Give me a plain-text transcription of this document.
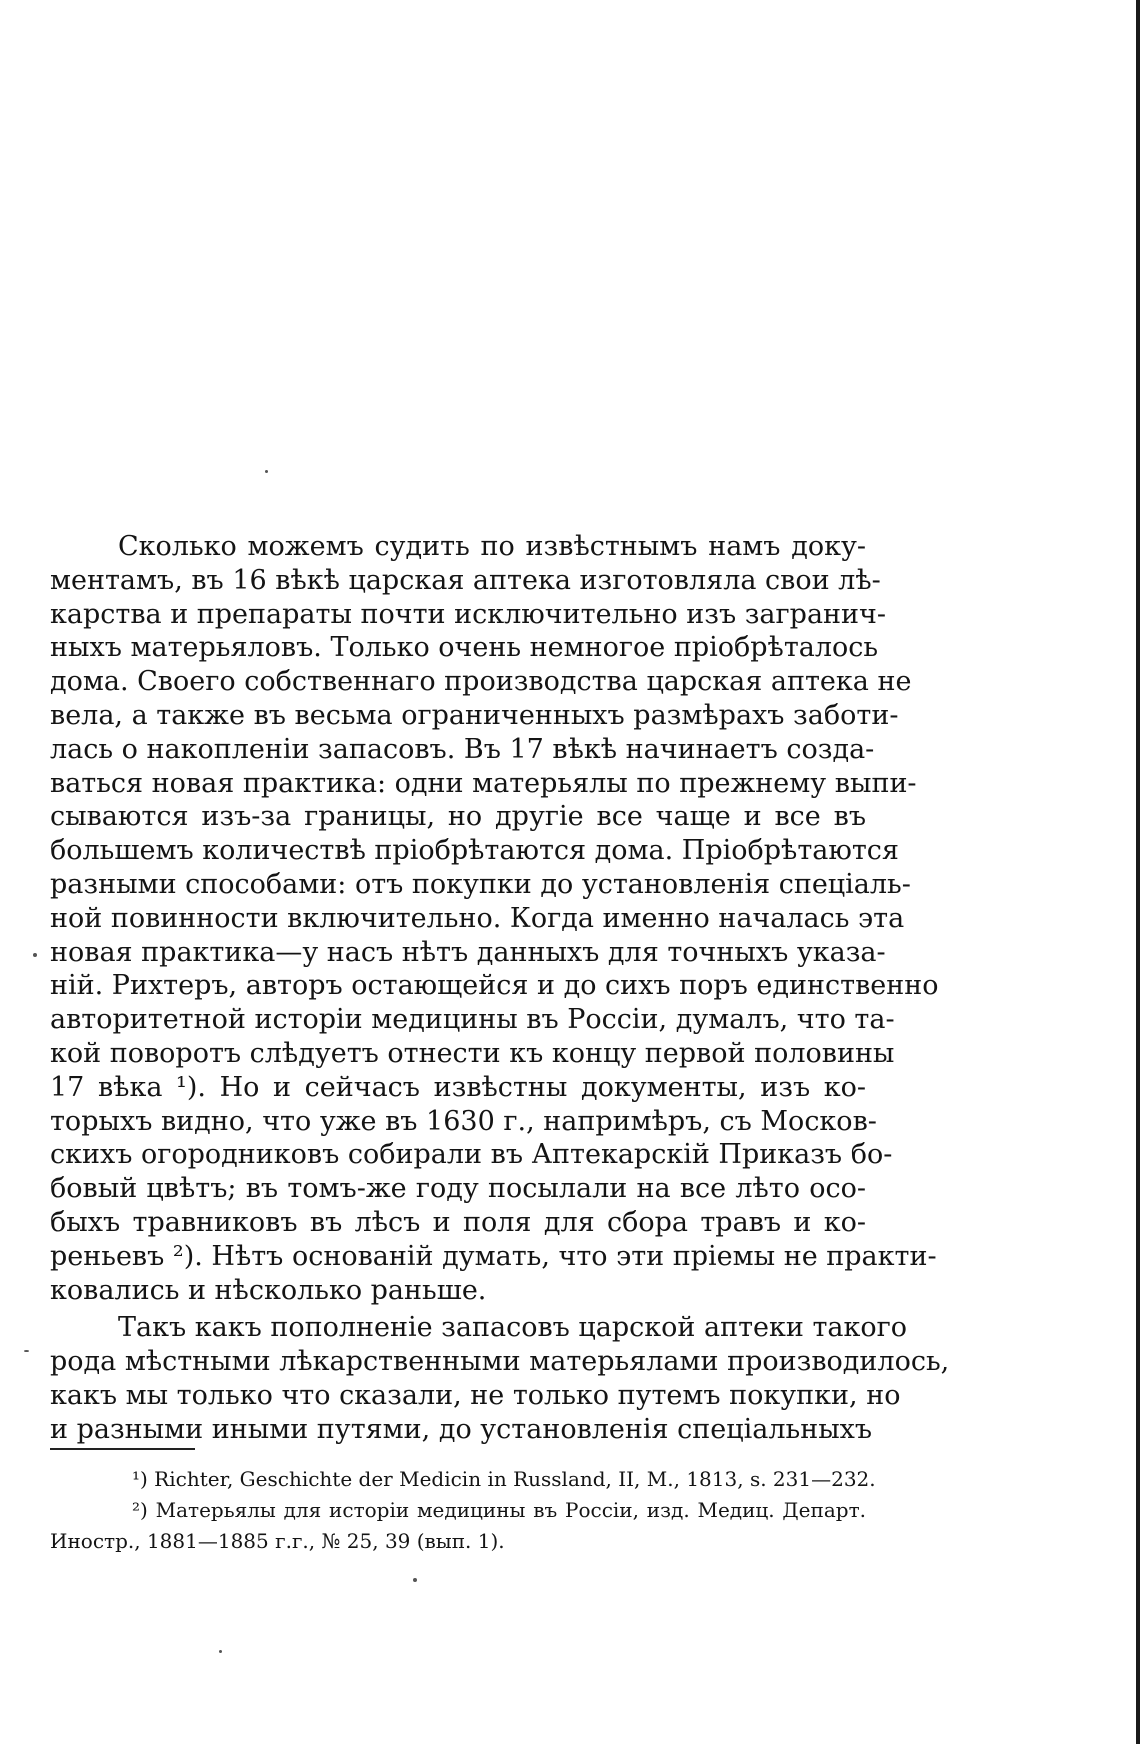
Сколько можемъ судить по извѣстнымъ намъ доку-
ментамъ, въ 16 вѣкѣ царская аптека изготовляла свои лѣ-
карства и препараты почти исключительно изъ загранич-
ныхъ матерьяловъ. Только очень немногое пріобрѣталось
дома. Своего собственнаго производства царская аптека не
вела, а также въ весьма ограниченныхъ размѣрахъ заботи-
лась о накопленіи запасовъ. Въ 17 вѣкѣ начинаетъ созда-
ваться новая практика: одни матерьялы по прежнему выпи-
сываются изъ-за границы, но другіе все чаще и все въ
большемъ количествѣ пріобрѣтаются дома. Пріобрѣтаются
разными способами: отъ покупки до установленія спеціаль-
ной повинности включительно. Когда именно началась эта
новая практика—у насъ нѣтъ данныхъ для точныхъ указа-
ній. Рихтеръ, авторъ остающейся и до сихъ поръ единственно
авторитетной исторіи медицины въ Россіи, думалъ, что та-
кой поворотъ слѣдуетъ отнести къ концу первой половины
17 вѣка ¹). Но и сейчасъ извѣстны документы, изъ ко-
торыхъ видно, что уже въ 1630 г., напримѣръ, съ Москов-
скихъ огородниковъ собирали въ Аптекарскій Приказъ бо-
бовый цвѣтъ; въ томъ-же году посылали на все лѣто осо-
быхъ травниковъ въ лѣсъ и поля для сбора травъ и ко-
реньевъ ²). Нѣтъ основаній думать, что эти пріемы не практи-
ковались и нѣсколько раньше.
Такъ какъ пополненіе запасовъ царской аптеки такого
рода мѣстными лѣкарственными матерьялами производилось,
какъ мы только что сказали, не только путемъ покупки, но
и разными иными путями, до установленія спеціальныхъ
¹) Richter, Geschichte der Medicin in Russland, II, M., 1813, s. 231—232.
²) Матерьялы для исторіи медицины въ Россіи, изд. Медиц. Департ.
Иностр., 1881—1885 г.г., № 25, 39 (вып. 1).
